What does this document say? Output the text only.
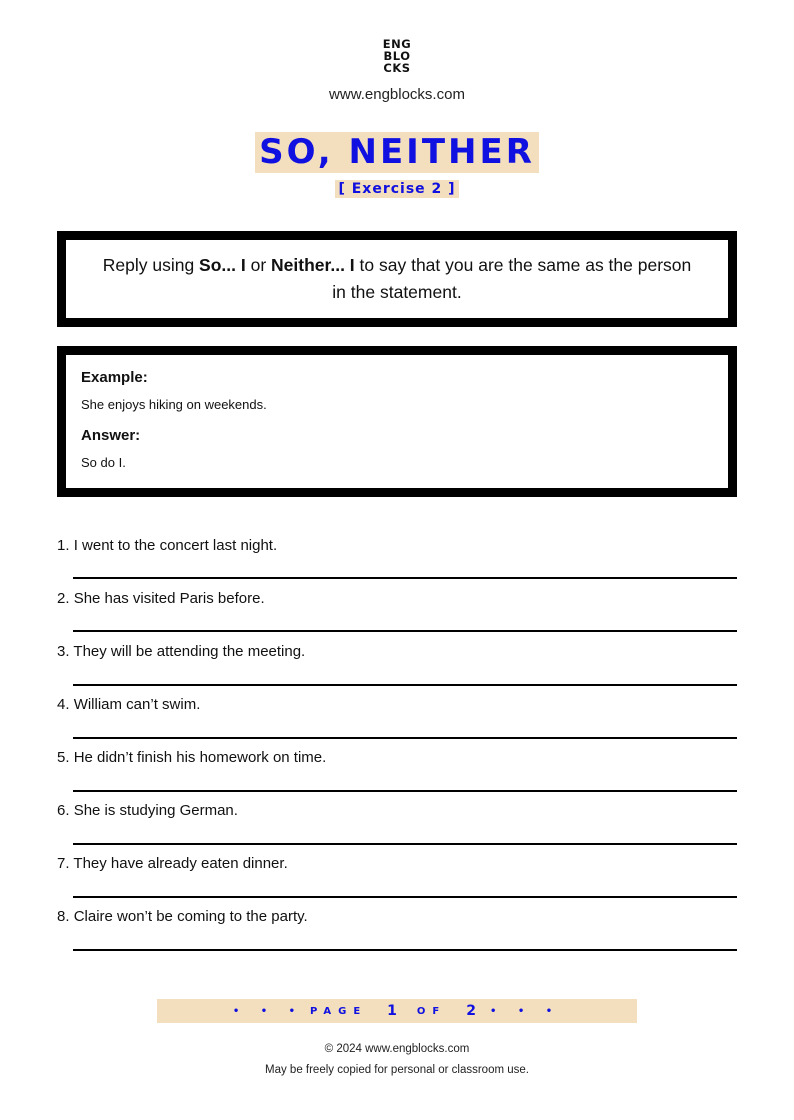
ENG
BLO
CKS
www.engblocks.com
SO, NEITHER
[ Exercise 2 ]
Reply using So... I or Neither... I to say that you are the same as the person in the statement.
Example:
She enjoys hiking on weekends.
Answer:
So do I.
1. I went to the concert last night.
2. She has visited Paris before.
3. They will be attending the meeting.
4. William can’t swim.
5. He didn’t finish his homework on time.
6. She is studying German.
7. They have already eaten dinner.
8. Claire won’t be coming to the party.
• • • PAGE 1 OF 2 • • •
© 2024 www.engblocks.com
May be freely copied for personal or classroom use.
